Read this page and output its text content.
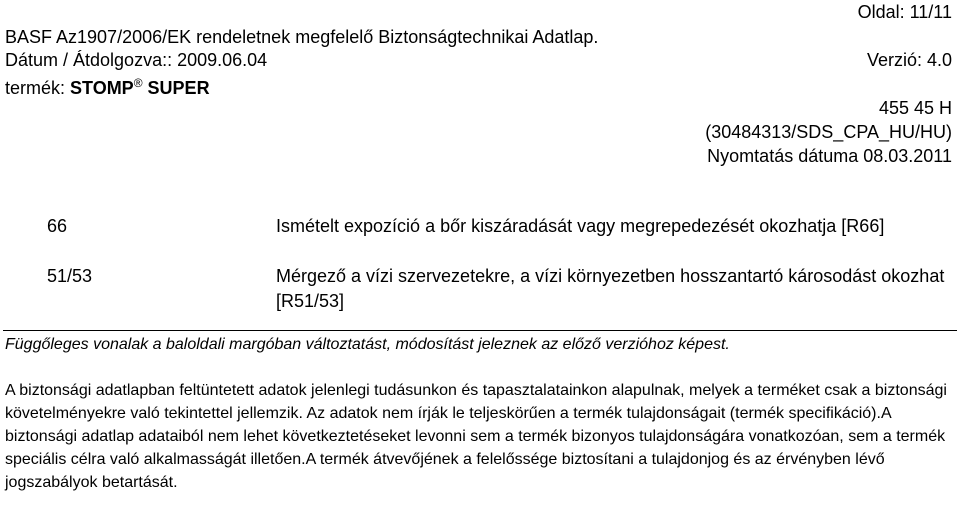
Oldal: 11/11
BASF Az1907/2006/EK rendeletnek megfelelő Biztonságtechnikai Adatlap.
Dátum / Átdolgozva:: 2009.06.04	Verzió: 4.0
termék: STOMP® SUPER
455 45 H
(30484313/SDS_CPA_HU/HU)
Nyomtatás dátuma 08.03.2011
66	Ismételt expozíció a bőr kiszáradását vagy megrepedezését okozhatja [R66]
51/53	Mérgező a vízi szervezetekre, a vízi környezetben hosszantartó károsodást okozhat [R51/53]
Függőleges vonalak a baloldali margóban változtatást, módosítást jeleznek az előző verzióhoz képest.
A biztonsági adatlapban feltüntetett adatok jelenlegi tudásunkon és tapasztalatainkon alapulnak, melyek a terméket csak a biztonsági követelményekre való tekintettel jellemzik. Az adatok nem írják le teljeskörűen a termék tulajdonságait (termék specifikáció).A biztonsági adatlap adataiból nem lehet következtetéseket levonni sem a termék bizonyos tulajdonságára vonatkozóan, sem a termék speciális célra való alkalmasságát illetően.A termék átvevőjének a felelőssége biztosítani a tulajdonjog és az érvényben lévő jogszabályok betartását.
